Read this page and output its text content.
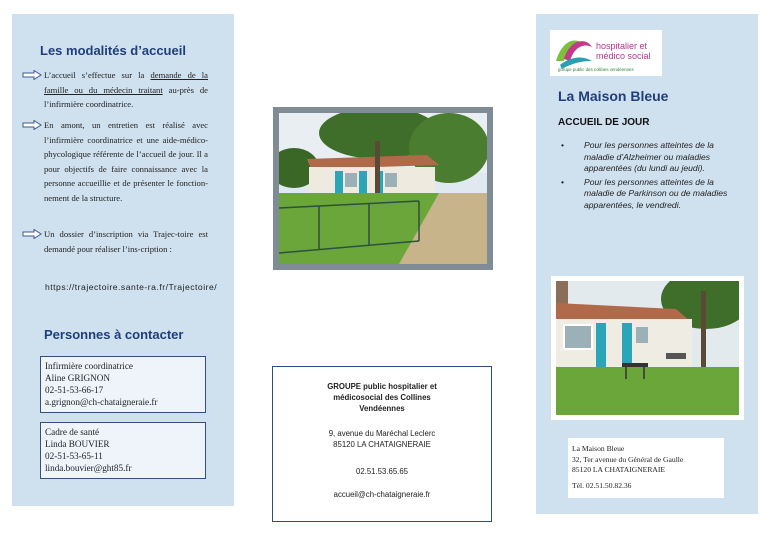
Les modalités d’accueil
L’accueil s’effectue sur la demande de la famille ou du médecin traitant au-près de l’infirmière coordinatrice.
En amont, un entretien est réalisé avec l’infirmière coordinatrice et une aide-médico-phycologique référente de l’accueil de jour. Il a pour objectifs de faire connaissance avec la personne accueillie et de présenter le fonction-nement de la structure.
Un dossier d’inscription via Trajec-toire est demandé pour réaliser l’ins-cription :
https://trajectoire.sante-ra.fr/Trajectoire/
Personnes à contacter
Infirmière coordinatrice
Aline GRIGNON
02-51-53-66-17
a.grignon@ch-chataigneraie.fr
Cadre de santé
Linda BOUVIER
02-51-53-65-11
linda.bouvier@ght85.fr
GROUPE public hospitalier et
médicosocial des Collines
Vendéennes
9, avenue du Maréchal Leclerc
85120 LA CHATAIGNERAIE
02.51.53.65.65
accueil@ch-chataigneraie.fr
hospitalier et
médico social
groupe public des collines vendéennes
La Maison Bleue
ACCUEIL DE JOUR
• Pour les personnes atteintes de la maladie d’Alzheimer ou maladies apparentées (du lundi au jeudi).
• Pour les personnes atteintes de la maladie de Parkinson ou de maladies apparentées, le vendredi.
La Maison Bleue
32, Ter avenue du Général de Gaulle
85120 LA CHATAIGNERAIE
Tél. 02.51.50.82.36
